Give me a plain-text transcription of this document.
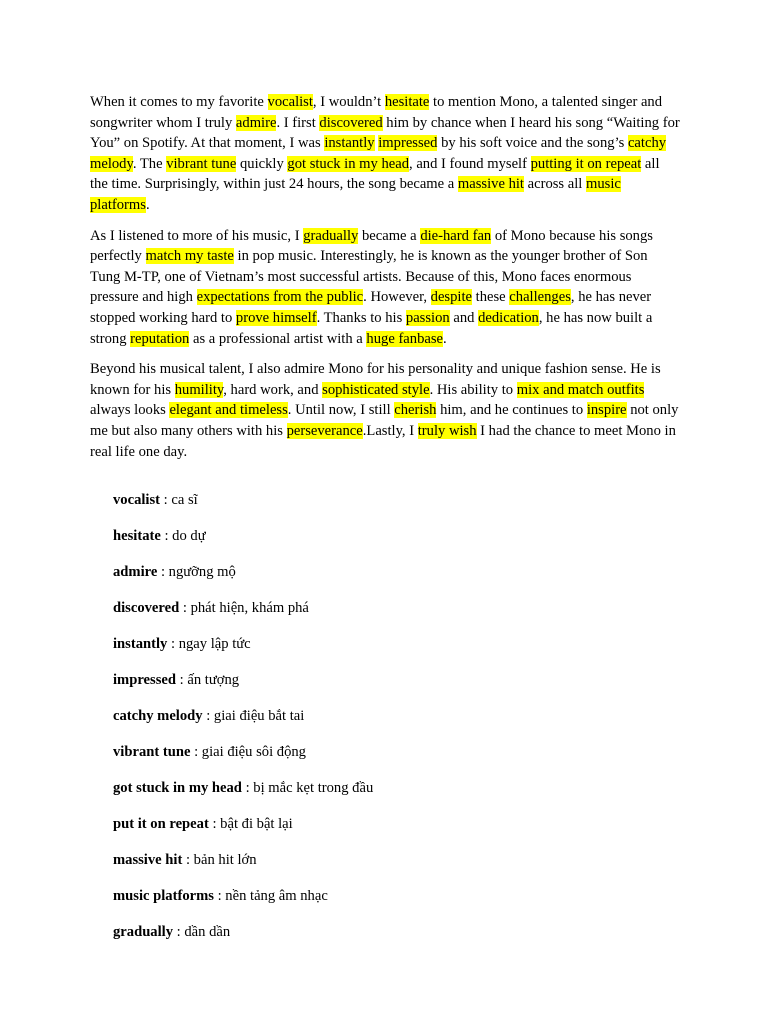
When it comes to my favorite vocalist, I wouldn’t hesitate to mention Mono, a talented singer and songwriter whom I truly admire. I first discovered him by chance when I heard his song “Waiting for You” on Spotify. At that moment, I was instantly impressed by his soft voice and the song’s catchy melody. The vibrant tune quickly got stuck in my head, and I found myself putting it on repeat all the time. Surprisingly, within just 24 hours, the song became a massive hit across all music platforms.

As I listened to more of his music, I gradually became a die-hard fan of Mono because his songs perfectly match my taste in pop music. Interestingly, he is known as the younger brother of Son Tung M-TP, one of Vietnam’s most successful artists. Because of this, Mono faces enormous pressure and high expectations from the public. However, despite these challenges, he has never stopped working hard to prove himself. Thanks to his passion and dedication, he has now built a strong reputation as a professional artist with a huge fanbase.

Beyond his musical talent, I also admire Mono for his personality and unique fashion sense. He is known for his humility, hard work, and sophisticated style. His ability to mix and match outfits always looks elegant and timeless. Until now, I still cherish him, and he continues to inspire not only me but also many others with his perseverance.Lastly, I truly wish I had the chance to meet Mono in real life one day.

vocalist : ca sĩ
hesitate : do dự
admire : ngưỡng mộ
discovered : phát hiện, khám phá
instantly : ngay lập tức
impressed : ấn tượng
catchy melody : giai điệu bắt tai
vibrant tune : giai điệu sôi động
got stuck in my head : bị mắc kẹt trong đầu
put it on repeat : bật đi bật lại
massive hit : bản hit lớn
music platforms : nền tảng âm nhạc
gradually : dần dần
